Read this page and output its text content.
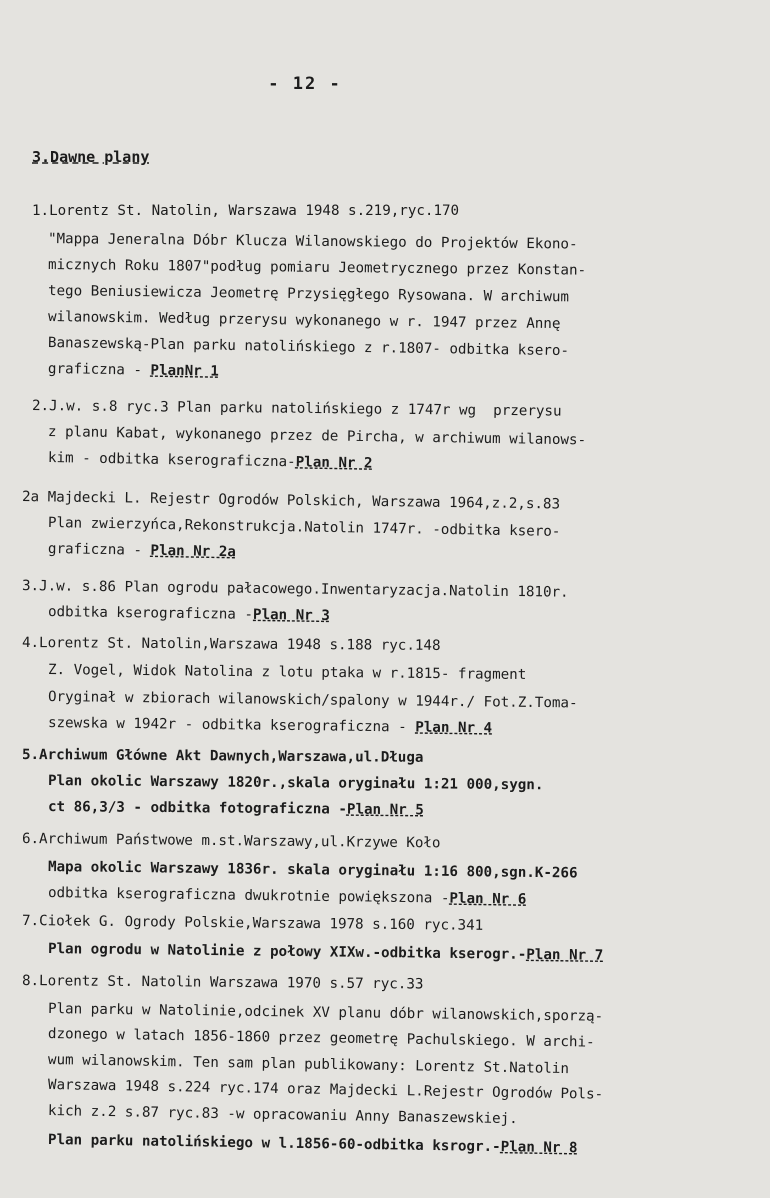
- 12 -
3.Dawne plany
1.Lorentz St. Natolin, Warszawa 1948 s.219,ryc.170
"Mappa Jeneralna Dóbr Klucza Wilanowskiego do Projektów Ekono-
micznych Roku 1807"podług pomiaru Jeometrycznego przez Konstan-
tego Beniusiewicza Jeometrę Przysięgłego Rysowana. W archiwum
wilanowskim. Według przerysu wykonanego w r. 1947 przez Annę
Banaszewską-Plan parku natolińskiego z r.1807- odbitka ksero-
graficzna - PlanNr 1
2.J.w. s.8 ryc.3 Plan parku natolińskiego z 1747r wg  przerysu
z planu Kabat, wykonanego przez de Pircha, w archiwum wilanows-
kim - odbitka kserograficzna-Plan Nr 2
2a Majdecki L. Rejestr Ogrodów Polskich, Warszawa 1964,z.2,s.83
Plan zwierzyńca,Rekonstrukcja.Natolin 1747r. -odbitka ksero-
graficzna - Plan Nr 2a
3.J.w. s.86 Plan ogrodu pałacowego.Inwentaryzacja.Natolin 1810r.
odbitka kserograficzna -Plan Nr 3
4.Lorentz St. Natolin,Warszawa 1948 s.188 ryc.148
Z. Vogel, Widok Natolina z lotu ptaka w r.1815- fragment
Oryginał w zbiorach wilanowskich/spalony w 1944r./ Fot.Z.Toma-
szewska w 1942r - odbitka kserograficzna - Plan Nr 4
5.Archiwum Główne Akt Dawnych,Warszawa,ul.Długa
Plan okolic Warszawy 1820r.,skala oryginału 1:21 000,sygn.
ct 86,3/3 - odbitka fotograficzna -Plan Nr 5
6.Archiwum Państwowe m.st.Warszawy,ul.Krzywe Koło
Mapa okolic Warszawy 1836r. skala oryginału 1:16 800,sgn.K-266
odbitka kserograficzna dwukrotnie powiększona -Plan Nr 6
7.Ciołek G. Ogrody Polskie,Warszawa 1978 s.160 ryc.341
Plan ogrodu w Natolinie z połowy XIXw.-odbitka kserogr.-Plan Nr 7
8.Lorentz St. Natolin Warszawa 1970 s.57 ryc.33
Plan parku w Natolinie,odcinek XV planu dóbr wilanowskich,sporzą-
dzonego w latach 1856-1860 przez geometrę Pachulskiego. W archi-
wum wilanowskim. Ten sam plan publikowany: Lorentz St.Natolin
Warszawa 1948 s.224 ryc.174 oraz Majdecki L.Rejestr Ogrodów Pols-
kich z.2 s.87 ryc.83 -w opracowaniu Anny Banaszewskiej.
Plan parku natolińskiego w l.1856-60-odbitka ksrogr.-Plan Nr 8
